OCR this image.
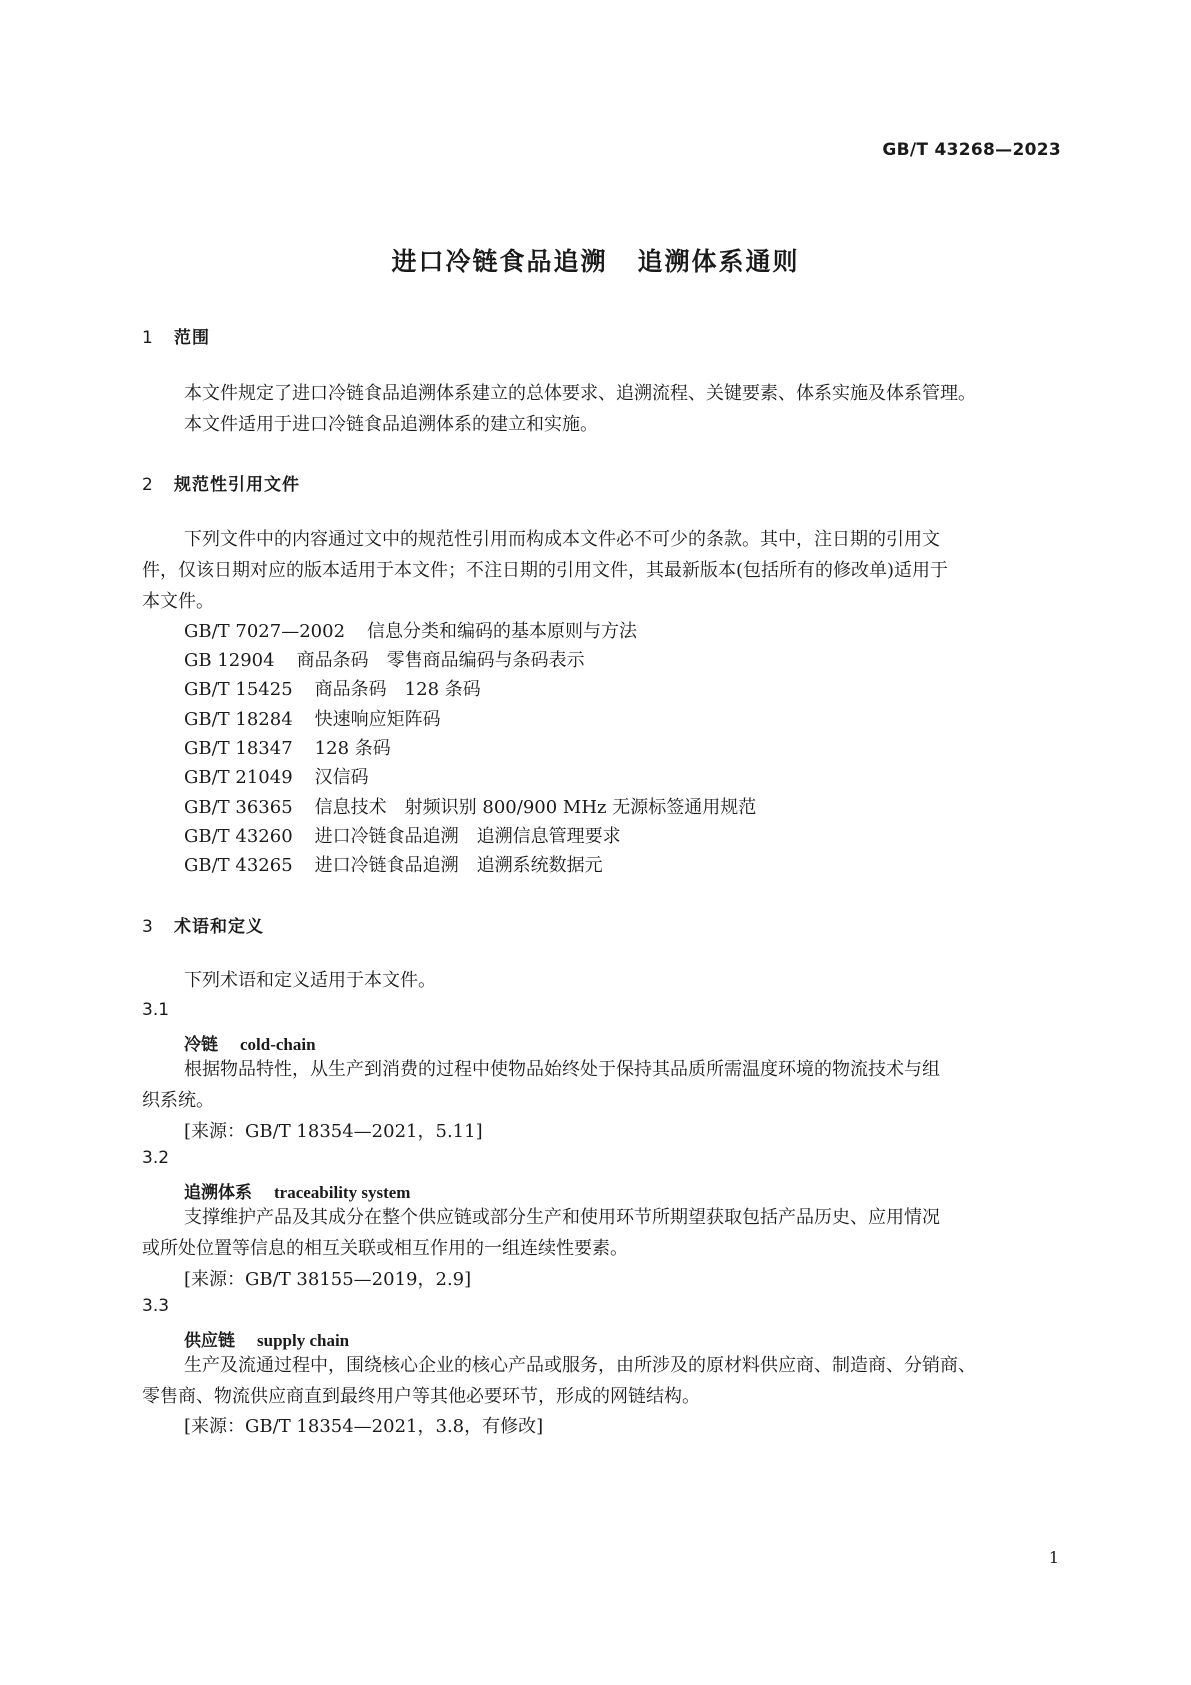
GB/T 43268—2023
进口冷链食品追溯 追溯体系通则
1 范围
本文件规定了进口冷链食品追溯体系建立的总体要求、追溯流程、关键要素、体系实施及体系管理。
本文件适用于进口冷链食品追溯体系的建立和实施。
2 规范性引用文件
下列文件中的内容通过文中的规范性引用而构成本文件必不可少的条款。其中，注日期的引用文
件，仅该日期对应的版本适用于本文件；不注日期的引用文件，其最新版本(包括所有的修改单)适用于
本文件。
GB/T 7027—2002 信息分类和编码的基本原则与方法
GB 12904 商品条码　零售商品编码与条码表示
GB/T 15425 商品条码　128 条码
GB/T 18284 快速响应矩阵码
GB/T 18347 128 条码
GB/T 21049 汉信码
GB/T 36365 信息技术　射频识别 800/900 MHz 无源标签通用规范
GB/T 43260 进口冷链食品追溯　追溯信息管理要求
GB/T 43265 进口冷链食品追溯　追溯系统数据元
3 术语和定义
下列术语和定义适用于本文件。
3.1
冷链 cold-chain
根据物品特性，从生产到消费的过程中使物品始终处于保持其品质所需温度环境的物流技术与组
织系统。
[来源：GB/T 18354—2021，5.11]
3.2
追溯体系 traceability system
支撑维护产品及其成分在整个供应链或部分生产和使用环节所期望获取包括产品历史、应用情况
或所处位置等信息的相互关联或相互作用的一组连续性要素。
[来源：GB/T 38155—2019，2.9]
3.3
供应链 supply chain
生产及流通过程中，围绕核心企业的核心产品或服务，由所涉及的原材料供应商、制造商、分销商、
零售商、物流供应商直到最终用户等其他必要环节，形成的网链结构。
[来源：GB/T 18354—2021，3.8，有修改]
1
